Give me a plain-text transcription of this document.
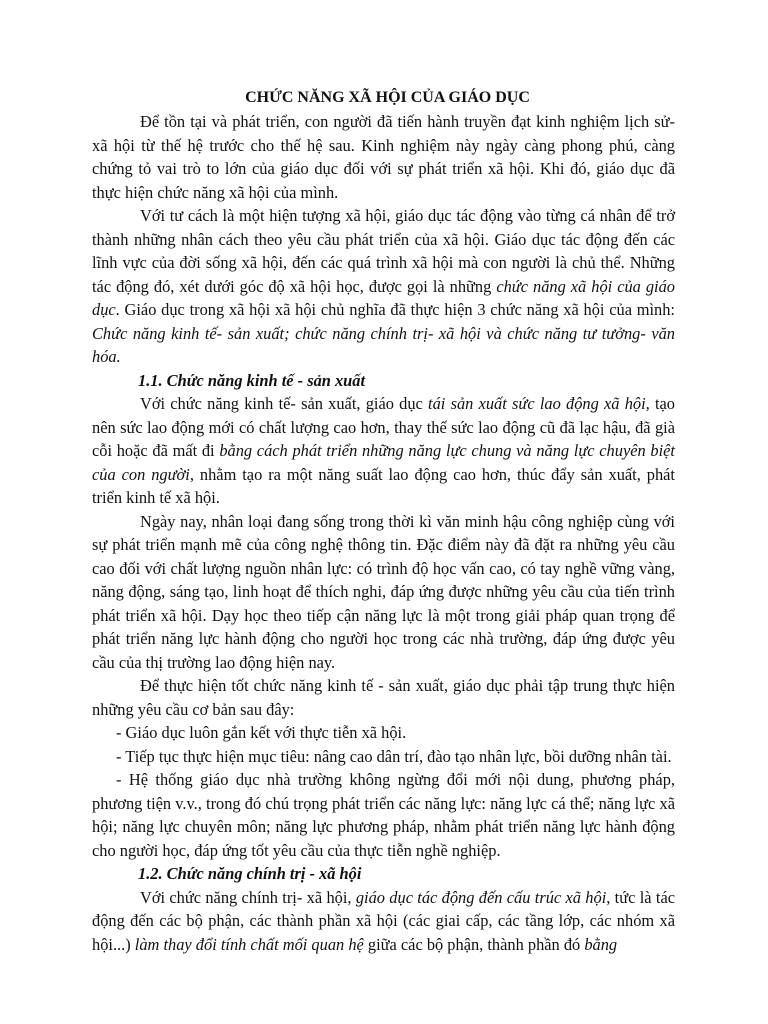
CHỨC NĂNG XÃ HỘI CỦA GIÁO DỤC

Để tồn tại và phát triển, con người đã tiến hành truyền đạt kinh nghiệm lịch sử- xã hội từ thế hệ trước cho thế hệ sau. Kinh nghiệm này ngày càng phong phú, càng chứng tỏ vai trò to lớn của giáo dục đối với sự phát triển xã hội. Khi đó, giáo dục đã thực hiện chức năng xã hội của mình.

Với tư cách là một hiện tượng xã hội, giáo dục tác động vào từng cá nhân để trở thành những nhân cách theo yêu cầu phát triển của xã hội. Giáo dục tác động đến các lĩnh vực của đời sống xã hội, đến các quá trình xã hội mà con người là chủ thể. Những tác động đó, xét dưới góc độ xã hội học, được gọi là những chức năng xã hội của giáo dục. Giáo dục trong xã hội xã hội chủ nghĩa đã thực hiện 3 chức năng xã hội của mình: Chức năng kinh tế- sản xuất; chức năng chính trị- xã hội và chức năng tư tưởng- văn hóa.

1.1. Chức năng kinh tế - sản xuất

Với chức năng kinh tế- sản xuất, giáo dục tái sản xuất sức lao động xã hội, tạo nên sức lao động mới có chất lượng cao hơn, thay thế sức lao động cũ đã lạc hậu, đã già cỗi hoặc đã mất đi bằng cách phát triển những năng lực chung và năng lực chuyên biệt của con người, nhằm tạo ra một năng suất lao động cao hơn, thúc đẩy sản xuất, phát triển kinh tế xã hội.

Ngày nay, nhân loại đang sống trong thời kì văn minh hậu công nghiệp cùng với sự phát triển mạnh mẽ của công nghệ thông tin. Đặc điểm này đã đặt ra những yêu cầu cao đối với chất lượng nguồn nhân lực: có trình độ học vấn cao, có tay nghề vững vàng, năng động, sáng tạo, linh hoạt để thích nghi, đáp ứng được những yêu cầu của tiến trình phát triển xã hội. Dạy học theo tiếp cận năng lực là một trong giải pháp quan trọng để phát triển năng lực hành động cho người học trong các nhà trường, đáp ứng được yêu cầu của thị trường lao động hiện nay.

Để thực hiện tốt chức năng kinh tế - sản xuất, giáo dục phải tập trung thực hiện những yêu cầu cơ bản sau đây:

- Giáo dục luôn gắn kết với thực tiễn xã hội.

- Tiếp tục thực hiện mục tiêu: nâng cao dân trí, đào tạo nhân lực, bồi dưỡng nhân tài.

- Hệ thống giáo dục nhà trường không ngừng đổi mới nội dung, phương pháp, phương tiện v.v., trong đó chú trọng phát triển các năng lực: năng lực cá thể; năng lực xã hội; năng lực chuyên môn; năng lực phương pháp, nhằm phát triển năng lực hành động cho người học, đáp ứng tốt yêu cầu của thực tiễn nghề nghiệp.

1.2. Chức năng chính trị - xã hội

Với chức năng chính trị- xã hội, giáo dục tác động đến cấu trúc xã hội, tức là tác động đến các bộ phận, các thành phần xã hội (các giai cấp, các tầng lớp, các nhóm xã hội...) làm thay đổi tính chất mối quan hệ giữa các bộ phận, thành phần đó bằng
